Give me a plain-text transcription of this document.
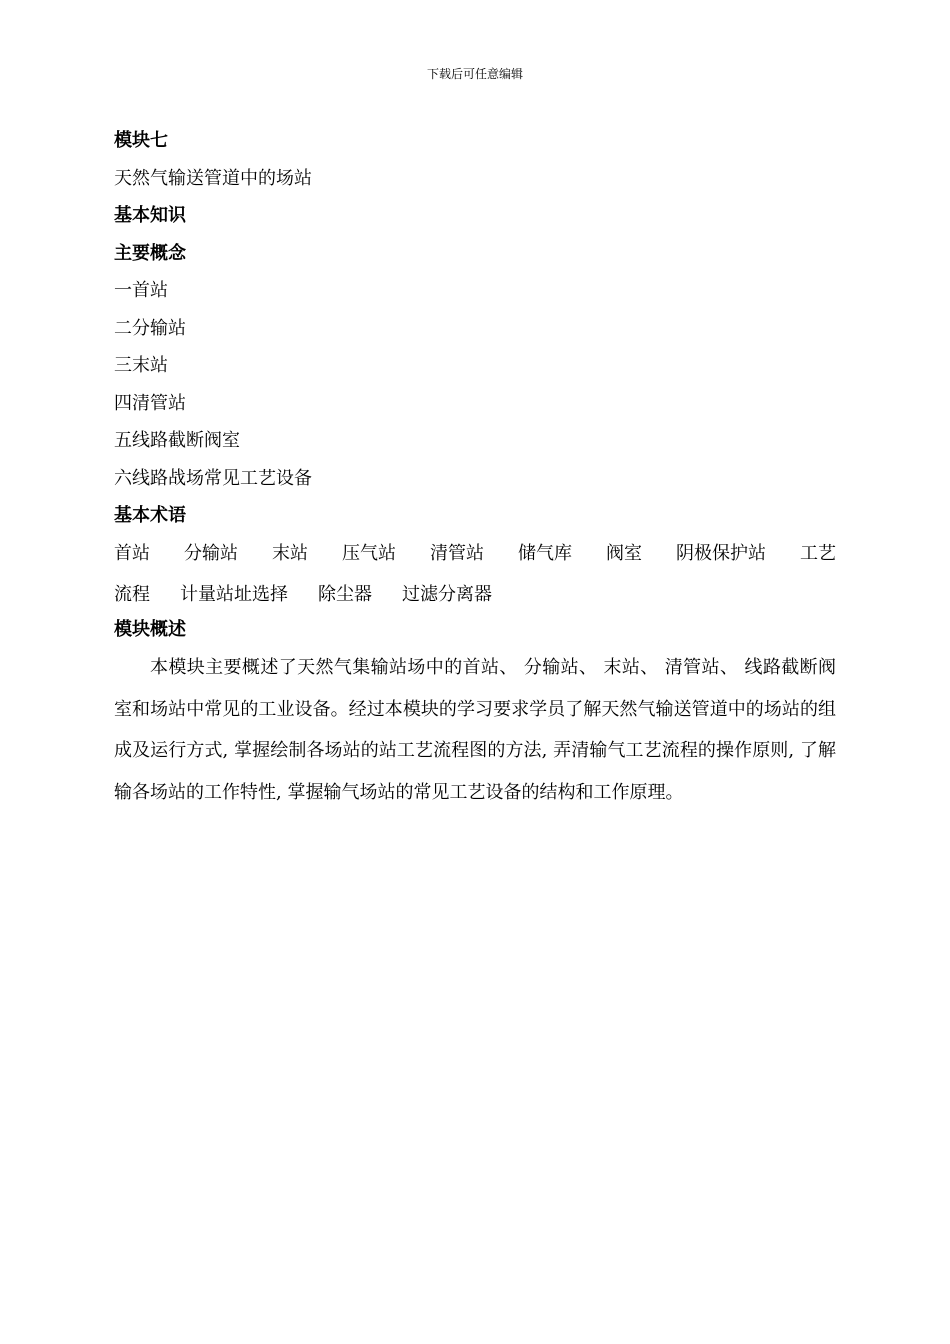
下载后可任意编辑
模块七
天然气输送管道中的场站
基本知识
主要概念
一首站
二分输站
三末站
四清管站
五线路截断阀室
六线路战场常见工艺设备
基本术语
首站 分输站 末站 压气站 清管站 储气库 阀室 阴极保护站 工艺
流程 计量站址选择 除尘器 过滤分离器
模块概述
本模块主要概述了天然气集输站场中的首站、 分输站、 末站、 清管站、 线路截断阀室和场站中常见的工业设备。经过本模块的学习要求学员了解天然气输送管道中的场站的组成及运行方式, 掌握绘制各场站的站工艺流程图的方法, 弄清输气工艺流程的操作原则, 了解输各场站的工作特性, 掌握输气场站的常见工艺设备的结构和工作原理。
